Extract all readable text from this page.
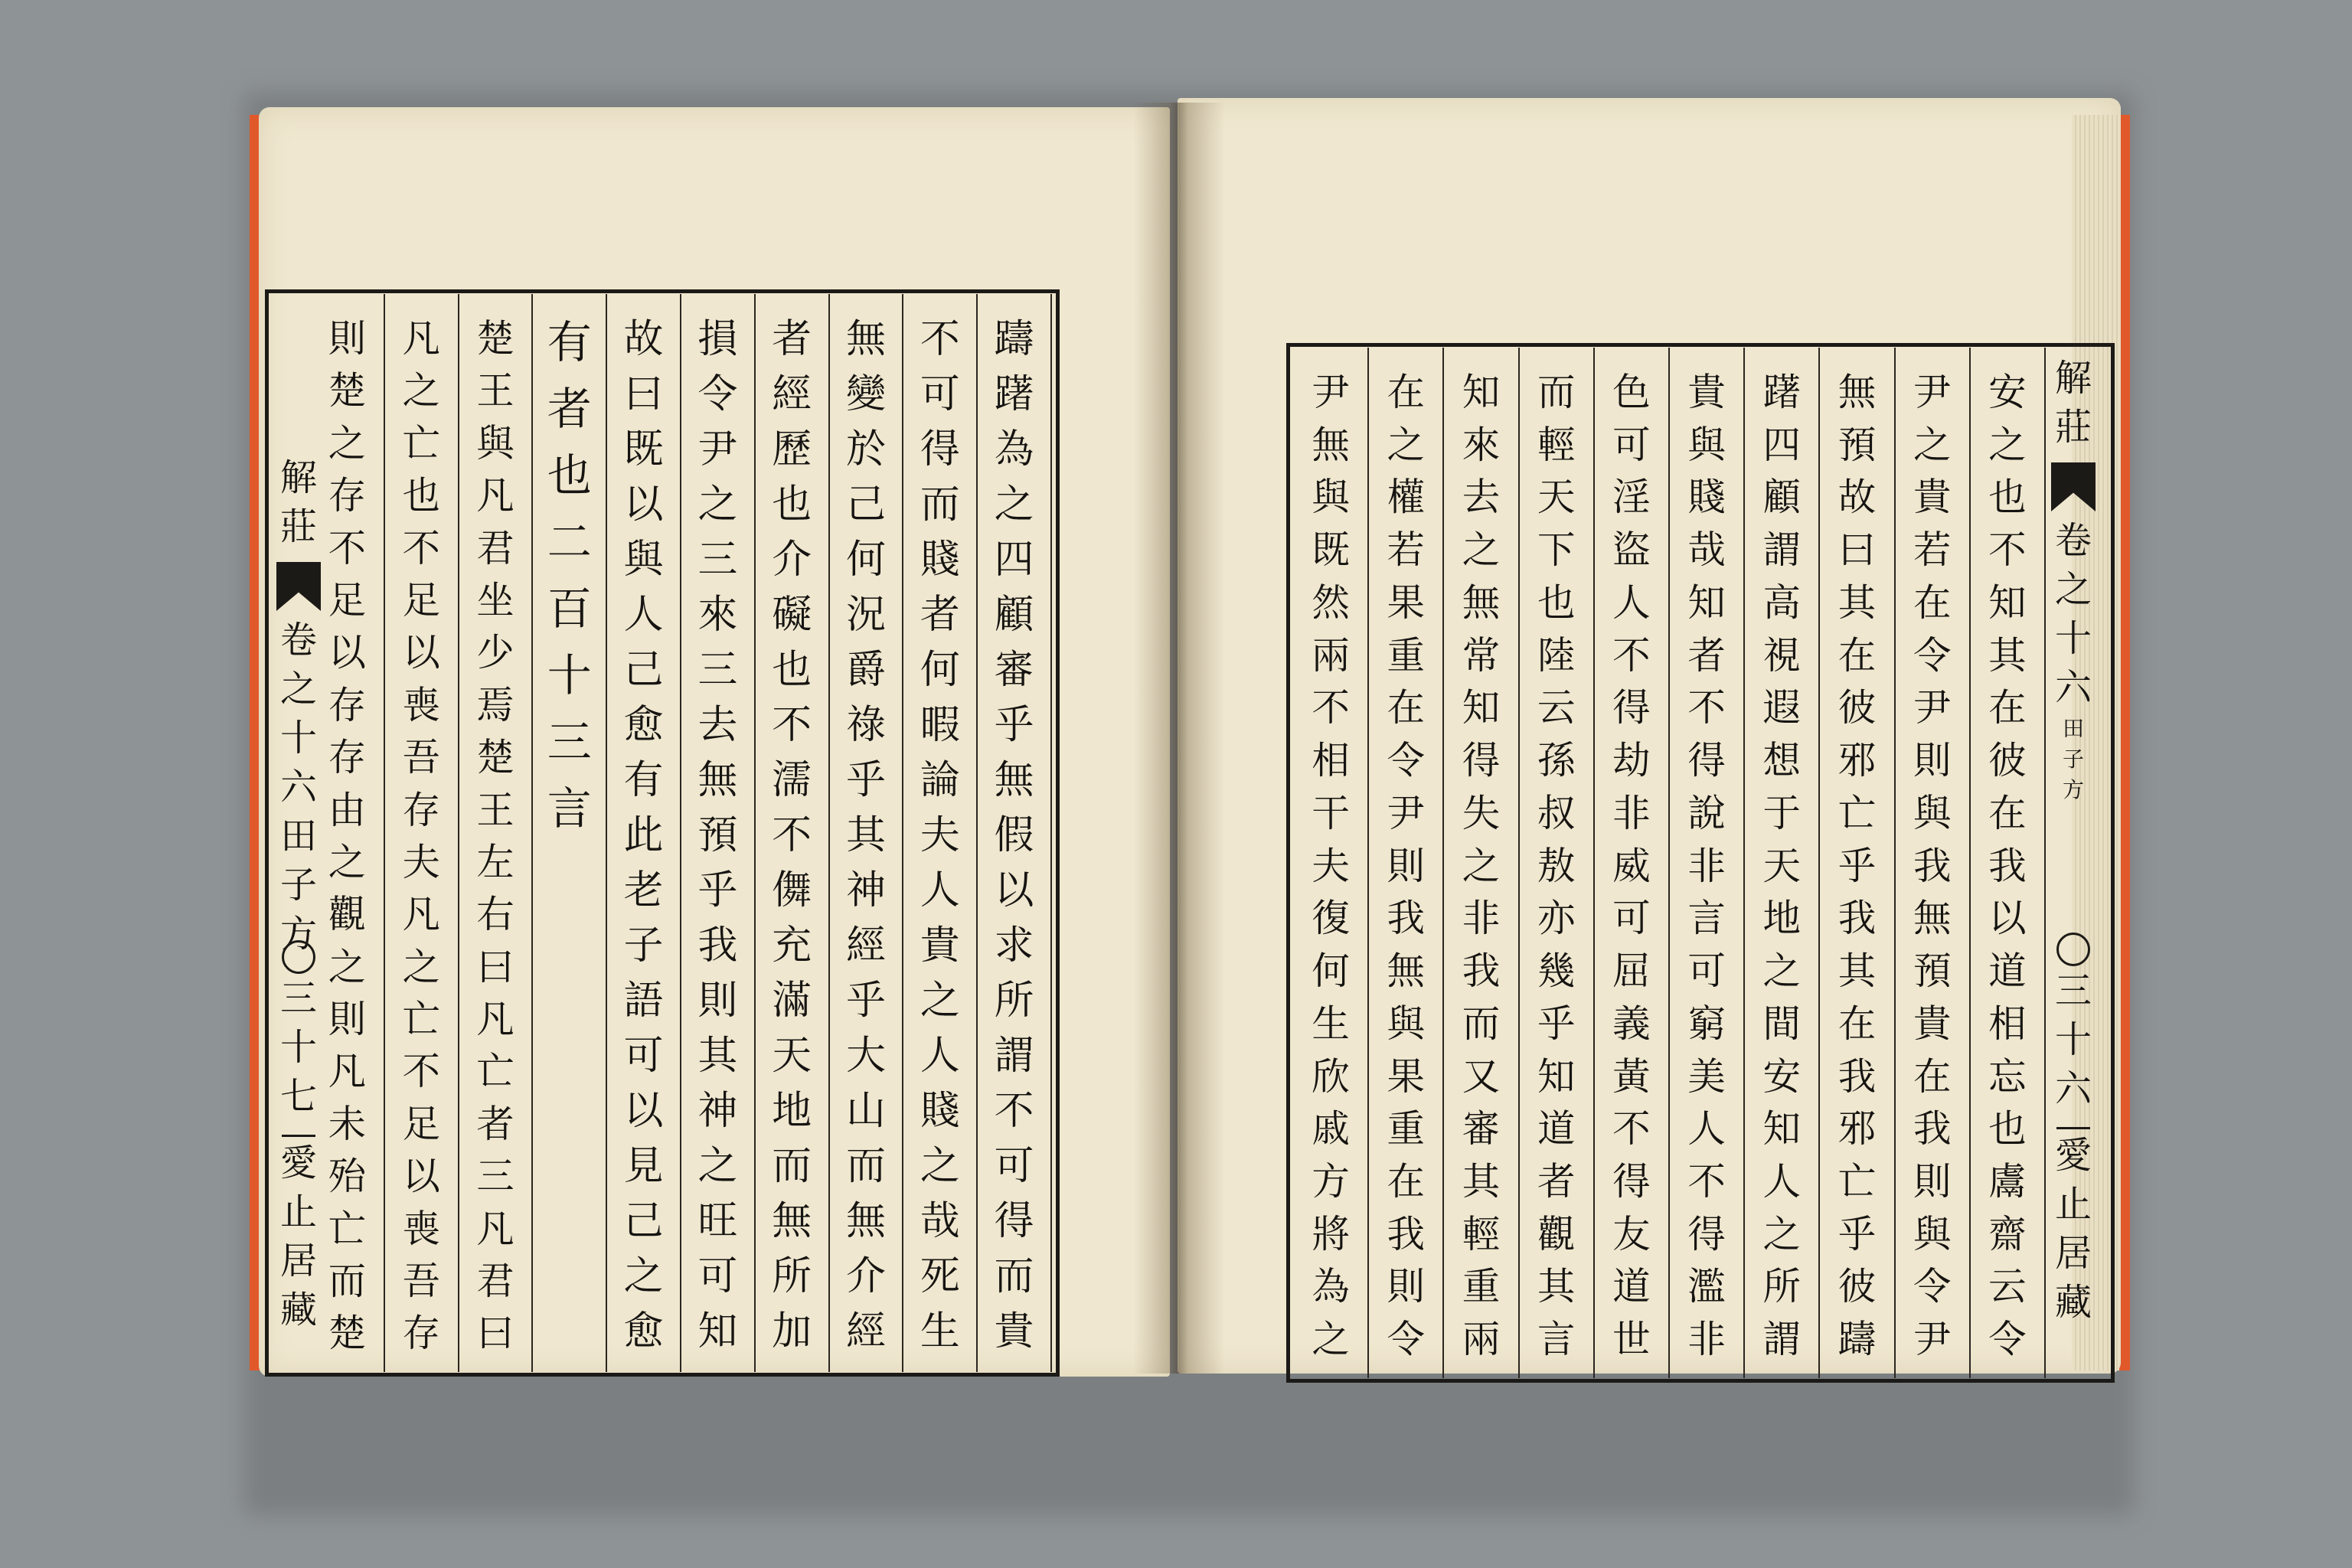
躊
躇
為
之
四
顧
審
乎
無
假
以
求
所
謂
不
可
得
而
貴
不
可
得
而
賤
者
何
暇
論
夫
人
貴
之
人
賤
之
哉
死
生
無
變
於
己
何
況
爵
祿
乎
其
神
經
乎
大
山
而
無
介
經
者
經
歷
也
介
礙
也
不
濡
不
儛
充
滿
天
地
而
無
所
加
損
令
尹
之
三
來
三
去
無
預
乎
我
則
其
神
之
旺
可
知
故
曰
既
以
與
人
己
愈
有
此
老
子
語
可
以
見
己
之
愈
有
者
也
二
百
十
三
言
楚
王
與
凡
君
坐
少
焉
楚
王
左
右
曰
凡
亡
者
三
凡
君
曰
凡
之
亡
也
不
足
以
喪
吾
存
夫
凡
之
亡
不
足
以
喪
吾
存
則
楚
之
存
不
足
以
存
存
由
之
觀
之
則
凡
未
殆
亡
而
楚
解
莊
卷
之
十
六
田
子
方
三
十
七
愛
止
居
藏
安
之
也
不
知
其
在
彼
在
我
以
道
相
忘
也
鬳
齋
云
令
尹
之
貴
若
在
令
尹
則
與
我
無
預
貴
在
我
則
與
令
尹
無
預
故
曰
其
在
彼
邪
亡
乎
我
其
在
我
邪
亡
乎
彼
躊
躇
四
顧
謂
高
視
遐
想
于
天
地
之
間
安
知
人
之
所
謂
貴
與
賤
哉
知
者
不
得
說
非
言
可
窮
美
人
不
得
濫
非
色
可
淫
盜
人
不
得
劫
非
威
可
屈
義
黃
不
得
友
道
世
而
輕
天
下
也
陸
云
孫
叔
敖
亦
幾
乎
知
道
者
觀
其
言
知
來
去
之
無
常
知
得
失
之
非
我
而
又
審
其
輕
重
兩
在
之
權
若
果
重
在
令
尹
則
我
無
與
果
重
在
我
則
令
尹
無
與
既
然
兩
不
相
干
夫
復
何
生
欣
戚
方
將
為
之
解
莊
卷
之
十
六
田
子
方
三
十
六
愛
止
居
藏
